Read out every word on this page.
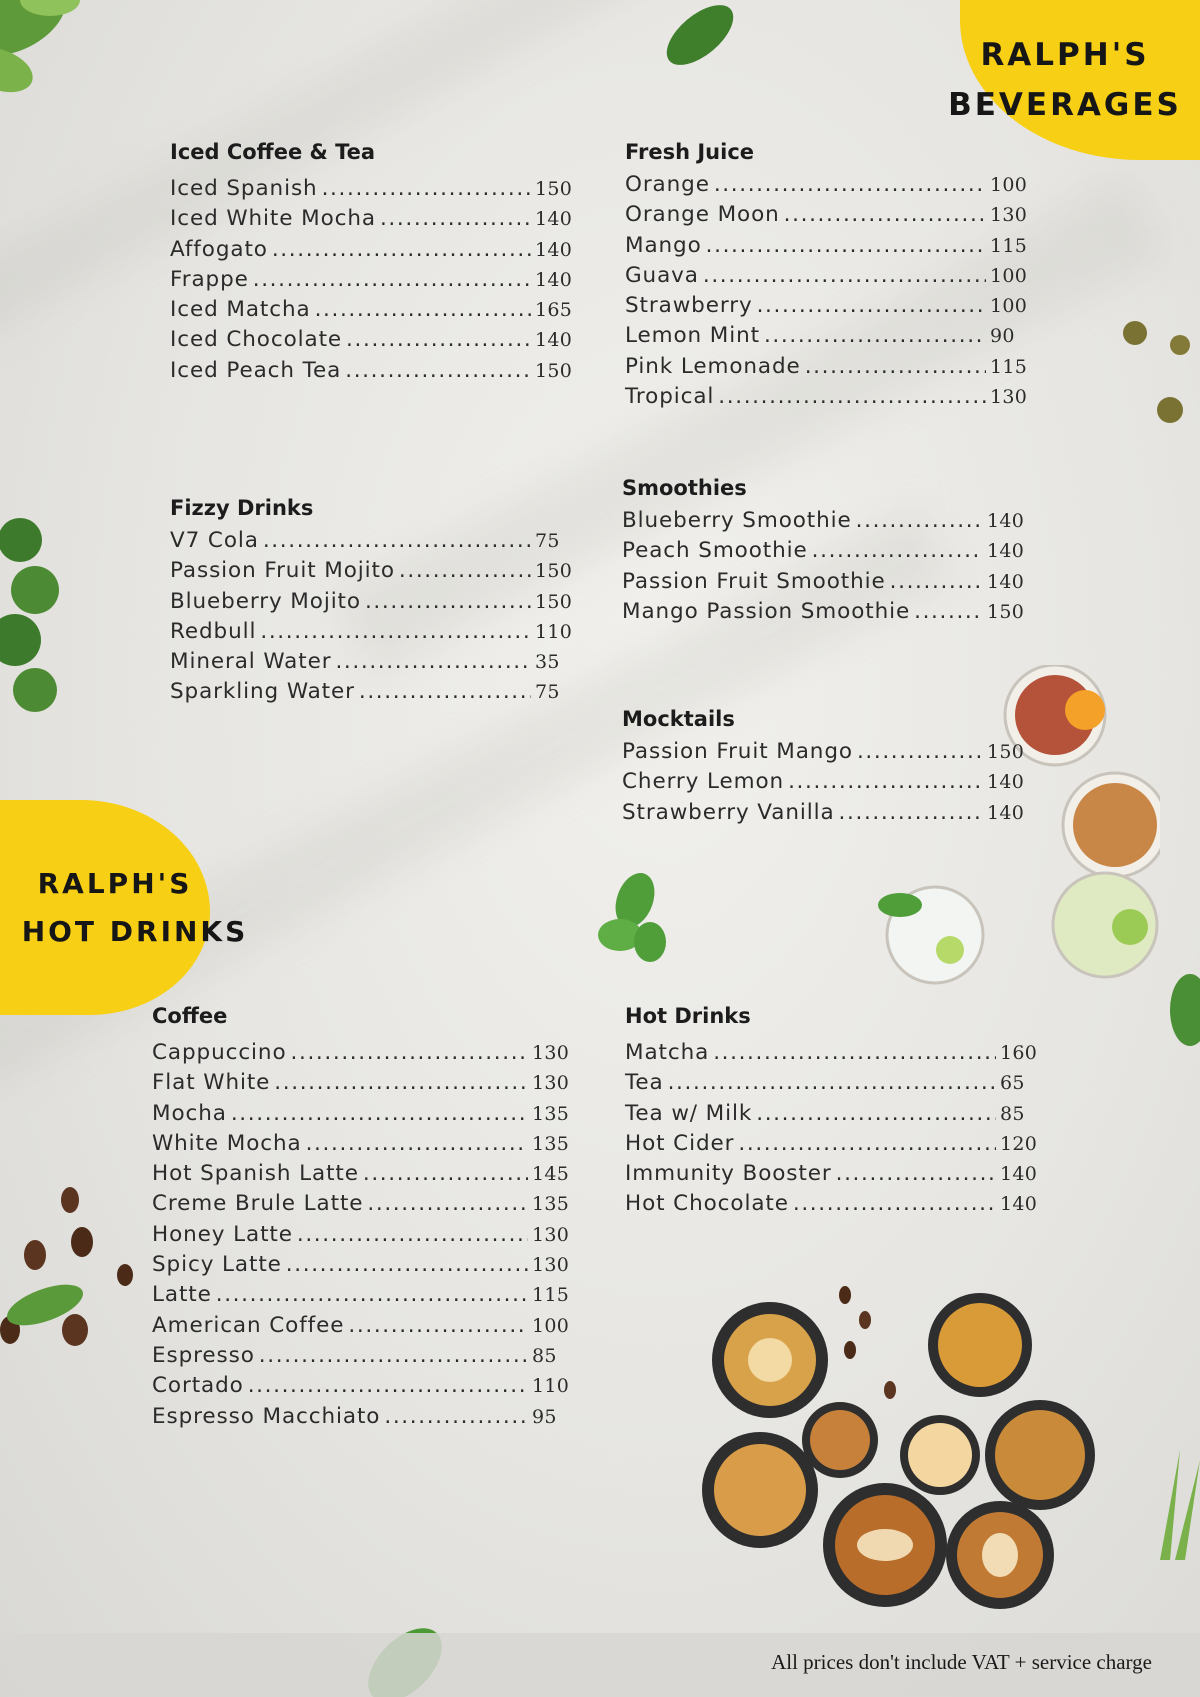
RALPH'S
BEVERAGES
RALPH'S
HOT DRINKS
Iced Coffee & Tea
Iced Spanish . . .	150
Iced White Mocha . . .	140
Affogato . . .	140
Frappe . . .	140
Iced Matcha . . .	165
Iced Chocolate . . .	140
Iced Peach Tea . . .	150
Fresh Juice
Orange . . .	100
Orange Moon . . .	130
Mango . . .	115
Guava . . .	100
Strawberry . . .	100
Lemon Mint . . .	90
Pink Lemonade . . .	115
Tropical . . .	130
Fizzy Drinks
V7 Cola . . .	75
Passion Fruit Mojito . . .	150
Blueberry Mojito . . .	150
Redbull . . .	110
Mineral Water . . .	35
Sparkling Water . . .	75
Smoothies
Blueberry Smoothie . . .	140
Peach Smoothie . . .	140
Passion Fruit Smoothie . . .	140
Mango Passion Smoothie . . .	150
Mocktails
Passion Fruit Mango . . .	150
Cherry Lemon . . .	140
Strawberry Vanilla . . .	140
Coffee
Cappuccino . . .	130
Flat White . . .	130
Mocha . . .	135
White Mocha . . .	135
Hot Spanish Latte . . .	145
Creme Brule Latte . . .	135
Honey Latte . . .	130
Spicy Latte . . .	130
Latte . . .	115
American Coffee . . .	100
Espresso . . .	85
Cortado . . .	110
Espresso Macchiato . . .	95
Hot Drinks
Matcha . . .	160
Tea . . .	65
Tea w/ Milk . . .	85
Hot Cider . . .	120
Immunity Booster . . .	140
Hot Chocolate . . .	140
All prices don't include VAT + service charge
